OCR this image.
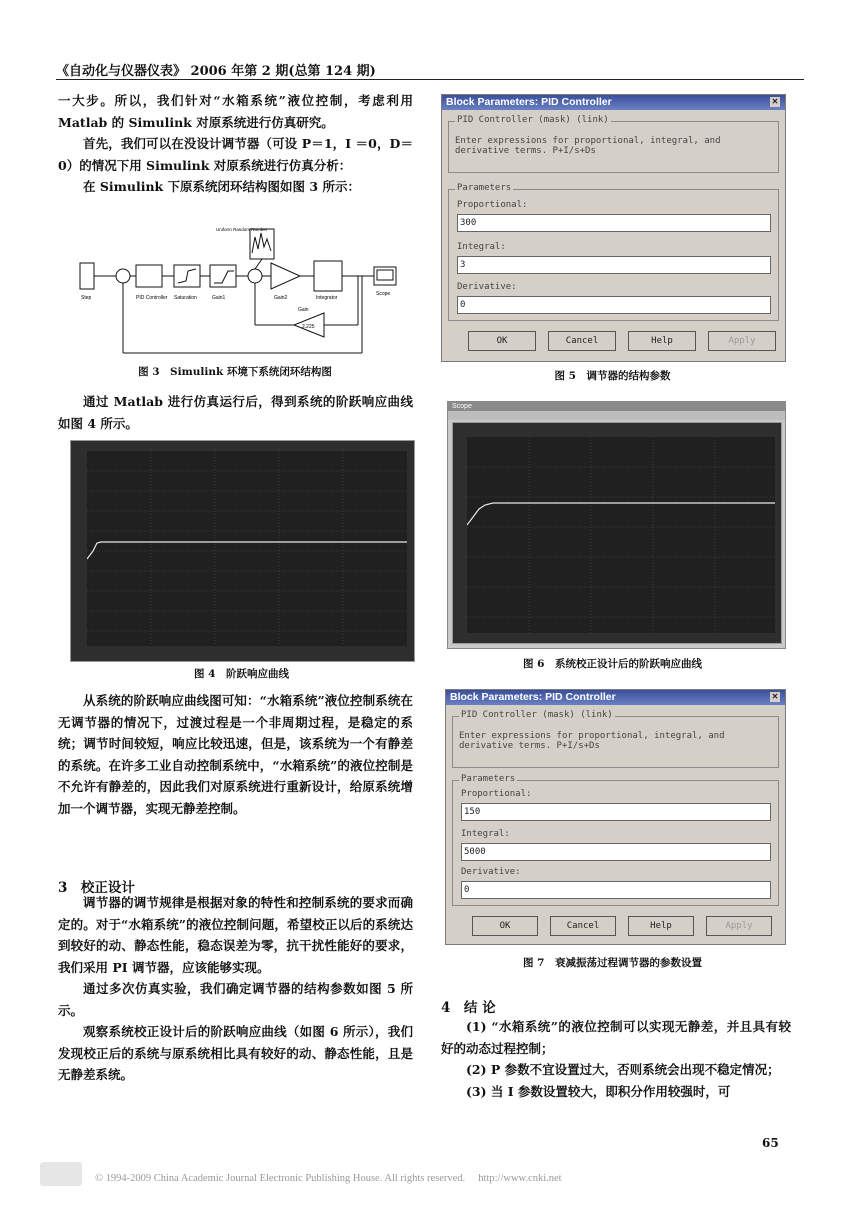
《自动化与仪器仪表》 2006 年第 2 期(总第 124 期)

一大步。所以，我们针对“水箱系统”液位控制，考虑利用 Matlab 的 Simulink 对原系统进行仿真研究。

首先，我们可以在没设计调节器（可设 P＝1，I ＝0，D＝0）的情况下用 Simulink 对原系统进行仿真分析：

在 Simulink 下原系统闭环结构图如图 3 所示：

Step	PID Controller Saturation	Gain1	Gain2	Integrator
Scope
Uniform Random Number
Gain
2.225
图 3　Simulink 环境下系统闭环结构图

通过 Matlab 进行仿真运行后，得到系统的阶跃响应曲线如图 4 所示。

图 4　阶跃响应曲线

从系统的阶跃响应曲线图可知：“水箱系统”液位控制系统在无调节器的情况下，过渡过程是一个非周期过程，是稳定的系统；调节时间较短，响应比较迅速，但是，该系统为一个有静差的系统。在许多工业自动控制系统中，“水箱系统”的液位控制是不允许有静差的，因此我们对原系统进行重新设计，给原系统增加一个调节器，实现无静差控制。

3　校正设计

调节器的调节规律是根据对象的特性和控制系统的要求而确定的。对于“水箱系统”的液位控制问题，希望校正以后的系统达到较好的动、静态性能，稳态误差为零，抗干扰性能好的要求，我们采用 PI 调节器，应该能够实现。

通过多次仿真实验，我们确定调节器的结构参数如图 5 所示。

观察系统校正设计后的阶跃响应曲线（如图 6 所示），我们发现校正后的系统与原系统相比具有较好的动、静态性能，且是无静差系统。

Block Parameters: PID Controller	✕
PID Controller (mask) (link)
Enter expressions for proportional, integral, and derivative terms. P+I/s+Ds
Parameters
Proportional:
300
Integral:
3
Derivative:
0
OK	Cancel	Help	Apply
图 5　调节器的结构参数
Scope
图 6　系统校正设计后的阶跃响应曲线
Block Parameters: PID Controller	✕
PID Controller (mask) (link)
Enter expressions for proportional, integral, and derivative terms. P+I/s+Ds
Parameters
Proportional:
150
Integral:
5000
Derivative:
0
OK	Cancel	Help	Apply
图 7　衰减振荡过程调节器的参数设置
4　结 论

(1) “水箱系统”的液位控制可以实现无静差，并且具有较好的动态过程控制；

(2) P 参数不宜设置过大，否则系统会出现不稳定情况；

(3) 当 I 参数设置较大，即积分作用较强时，可

65
© 1994-2009 China Academic Journal Electronic Publishing House. All rights reserved.　 http://www.cnki.net
